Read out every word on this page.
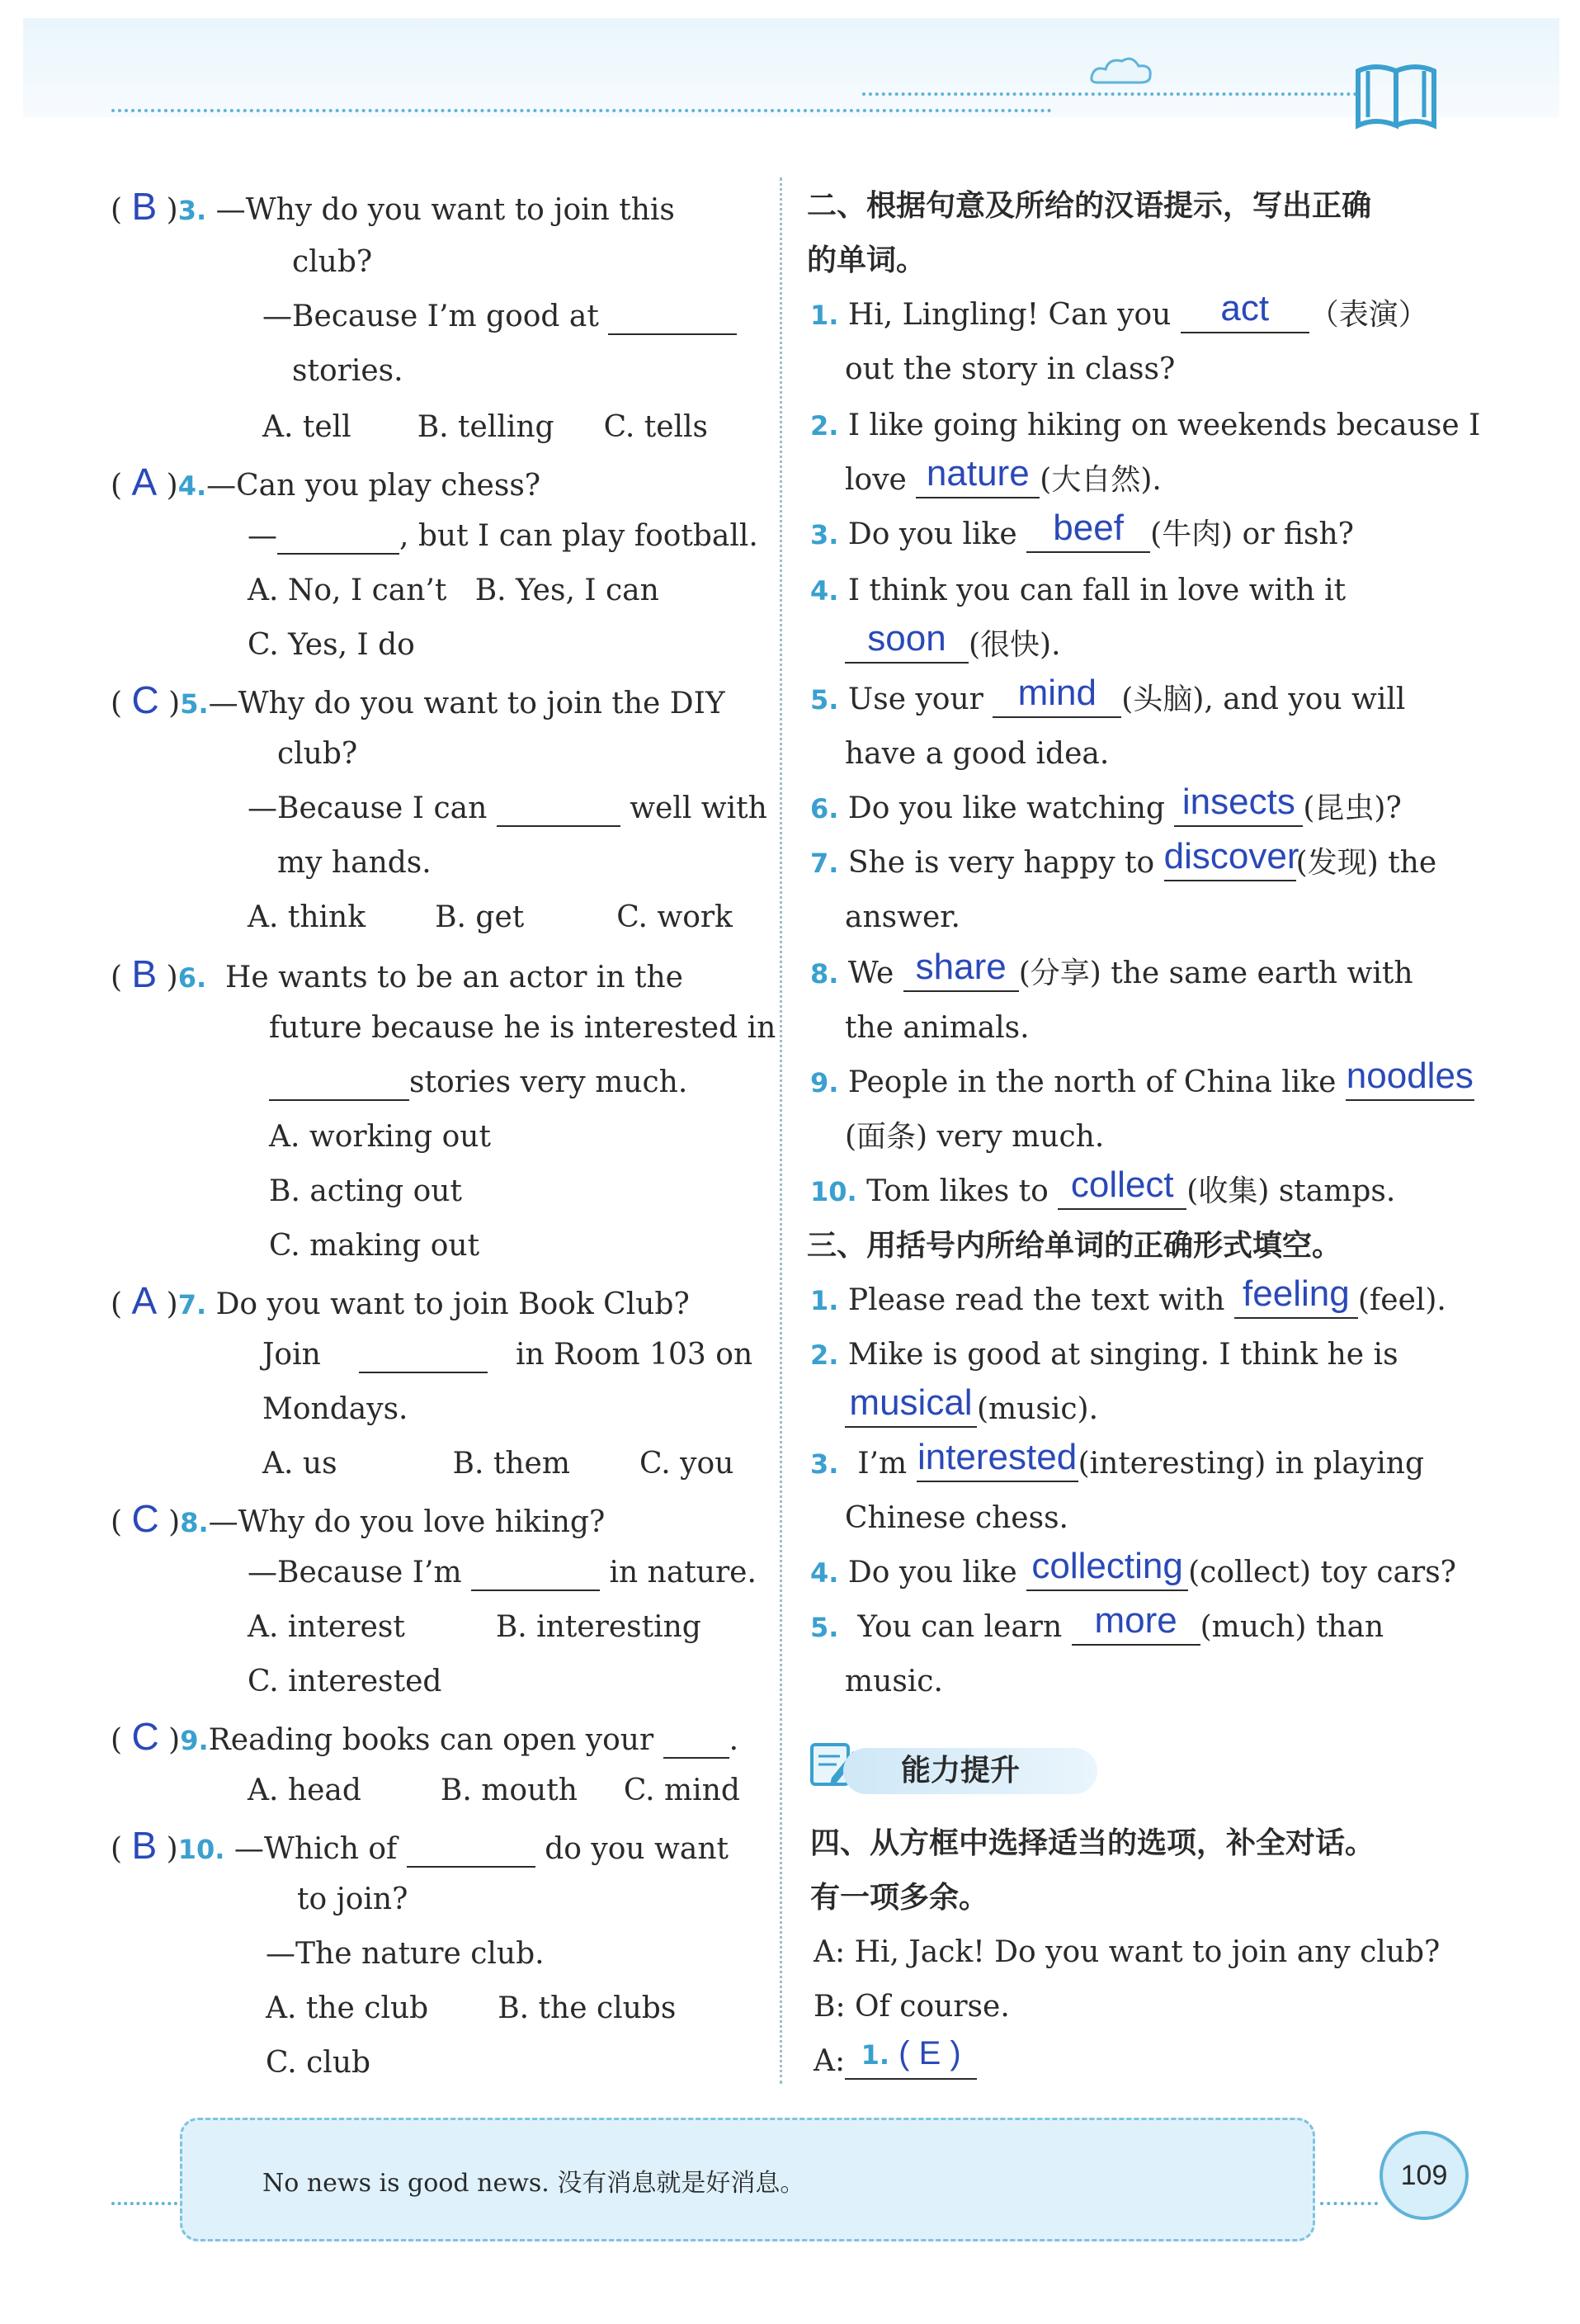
( B )3. —Why do you want to join this
club?
—Because I’m good at
stories.
A. tell B. telling C. tells
( A )4.—Can you play chess?
—	, but I can play football.
A. No, I can’t B. Yes, I can
C. Yes, I do
( C )5.—Why do you want to join the DIY
club?
—Because I can	well with
my hands.
A. think B. get	C. work
( B )6. He wants to be an actor in the
future because he is interested in
stories very much.
A. working out
B. acting out
C. making out
( A )7. Do you want to join Book Club?
Join	in Room 103 on
Mondays.
A. us	B. them C. you
( C )8.—Why do you love hiking?
—Because I’m	in nature.
A. interest	B. interesting
C. interested
( C )9.Reading books can open your	.
A. head	B. mouth C. mind
( B )10. —Which of	do you want
to join?
—The nature club.
A. the club B. the clubs
C. club
二、根据句意及所给的汉语提示，写出正确
的单词。
1. Hi, Lingling! Can you	act	（表演）
out the story in class?
2. I like going hiking on weekends because I
love nature (大自然).
3. Do you like beef (牛肉) or fish?
4. I think you can fall in love with it
soon (很快).
5. Use your mind (头脑), and you will
have a good idea.
6. Do you like watching insects (昆虫)?
7. She is very happy to discover
(发现) the
answer.
8. We share (分享) the same earth with
the animals.
9. People in the north of China like noodles
(面条) very much.
10. Tom likes to collect (收集) stamps.
三、用括号内所给单词的正确形式填空。
1. Please read the text with feeling (feel).
2. Mike is good at singing. I think he is
musical (music).
3. I’m interested (interesting) in playing
Chinese chess.
4. Do you like collecting (collect) toy cars?
5. You can learn more (much) than
music.
能力提升
四、从方框中选择适当的选项，补全对话。
有一项多余。
A: Hi, Jack! Do you want to join any club?
B: Of course.
A: 1. ( E )
No news is good news. 没有消息就是好消息。	109
